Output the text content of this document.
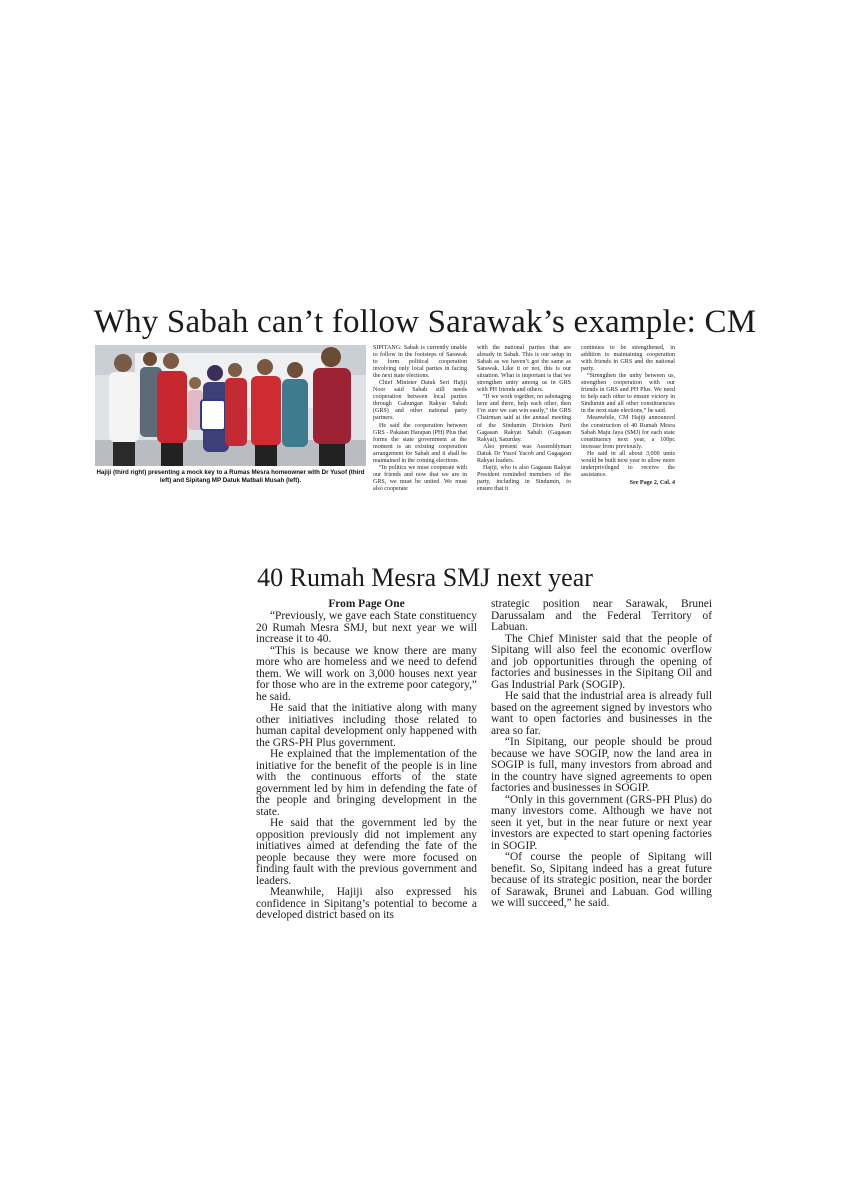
Why Sabah can’t follow Sarawak’s example: CM
Hajiji (third right) presenting a mock key to a Rumas Mesra homeowner with Dr Yusof (third left) and Sipitang MP Datuk Matbali Musah (left).

SIPITANG: Sabah is currently unable to follow in the footsteps of Sarawak to form political cooperation involving only local parties in facing the next state elections.

Chief Minister Datuk Seri Hajiji Noor said Sabah still needs cooperation between local parties through Gabungan Rakyat Sabah (GRS) and other national party partners.

He said the cooperation between GRS - Pakatan Harapan (PH) Plus that forms the state government at the moment is an existing cooperation arrangement for Sabah and it shall be maintained in the coming elections.

“In politics we must cooperate with our friends and now that we are in GRS, we must be united. We must also cooperate

with the national parties that are already in Sabah. This is our setup in Sabah as we haven’t got the same as Sarawak. Like it or not, this is our situation. What is important is that we strengthen unity among us in GRS with PH friends and others.

“If we work together, no sabotaging here and there, help each other, then I’m sure we can win easily,” the GRS Chairman said at the annual meeting of the Sindumin Division Parti Gagasan Rakyat Sabah (Gagasan Rakyat), Saturday.

Also present was Assemblyman Datuk Dr Yusof Yacob and Gagagasn Rakyat leaders.

Hajiji, who is also Gagasan Rakyat President reminded members of the party, including in Sindumin, to ensure that it

continues to be strengthened, in addition to maintaining cooperation with friends in GRS and the national party.

“Strengthen the unity between us, strengthen cooperation with our friends in GRS and PH Plus. We need to help each other to ensure victory in Sindumin and all other constituencies in the next state elections,” he said.

Meanwhile, CM Hajiji announced the construction of 40 Rumah Mesra Sabah Maju Jaya (SMJ) for each state constituency next year, a 100pc increase from previously.

He said in all about 3,000 units would be built next year to allow more underprivileged to receive the assistance.

See Page 2, Col. 4

40 Rumah Mesra SMJ next year

From Page One

“Previously, we gave each State constituency 20 Rumah Mesra SMJ, but next year we will increase it to 40.

“This is because we know there are many more who are homeless and we need to defend them. We will work on 3,000 houses next year for those who are in the extreme poor category,” he said.

He said that the initiative along with many other initiatives including those related to human capital development only happened with the GRS-PH Plus government.

He explained that the implementation of the initiative for the benefit of the people is in line with the continuous efforts of the state government led by him in defending the fate of the people and bringing development in the state.

He said that the government led by the opposition previously did not implement any initiatives aimed at defending the fate of the people because they were more focused on finding fault with the previous government and leaders.

Meanwhile, Hajiji also expressed his confidence in Sipitang’s potential to become a developed district based on its

strategic position near Sarawak, Brunei Darussalam and the Federal Territory of Labuan.

The Chief Minister said that the people of Sipitang will also feel the economic overflow and job opportunities through the opening of factories and businesses in the Sipitang Oil and Gas Industrial Park (SOGIP).

He said that the industrial area is already full based on the agreement signed by investors who want to open factories and businesses in the area so far.

“In Sipitang, our people should be proud because we have SOGIP, now the land area in SOGIP is full, many investors from abroad and in the country have signed agreements to open factories and businesses in SOGIP.

“Only in this government (GRS-PH Plus) do many investors come. Although we have not seen it yet, but in the near future or next year investors are expected to start opening factories in SOGIP.

“Of course the people of Sipitang will benefit. So, Sipitang indeed has a great future because of its strategic position, near the border of Sarawak, Brunei and Labuan. God willing we will succeed,” he said.
